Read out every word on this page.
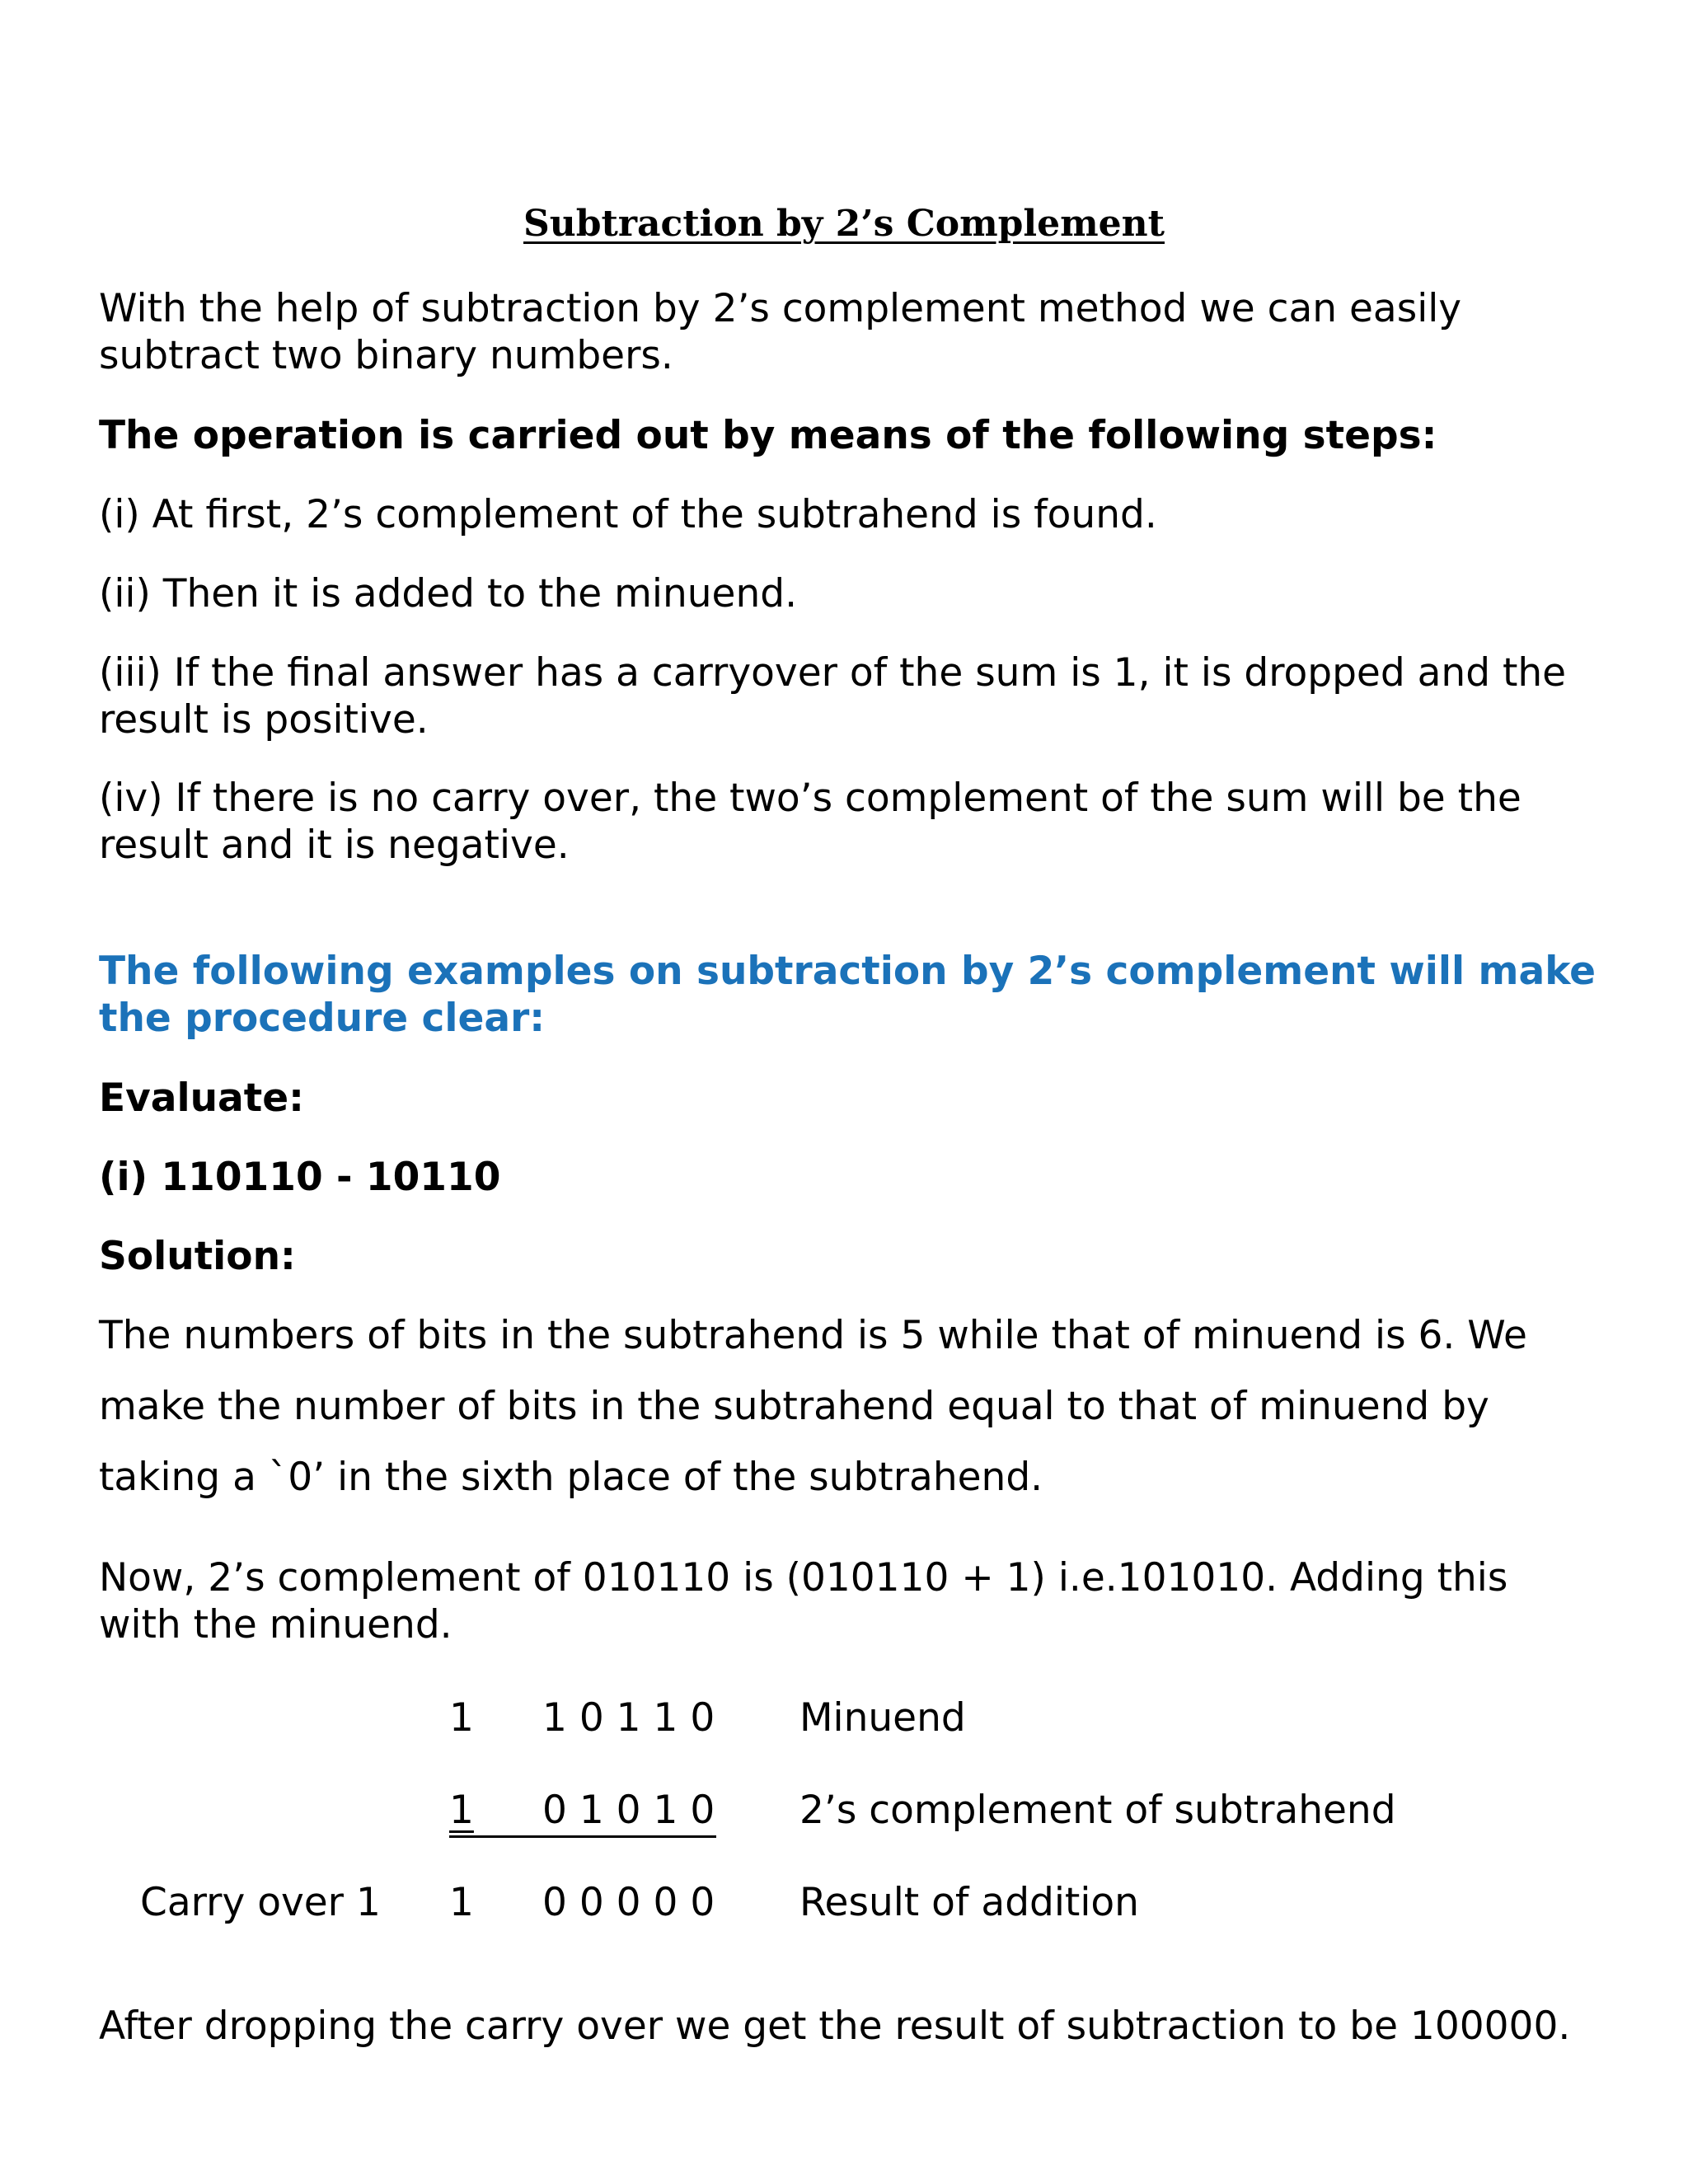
Subtraction by 2’s Complement

With the help of subtraction by 2’s complement method we can easily subtract two binary numbers.

The operation is carried out by means of the following steps:

(i) At first, 2’s complement of the subtrahend is found.

(ii) Then it is added to the minuend.

(iii) If the final answer has a carryover of the sum is 1, it is dropped and the result is positive.

(iv) If there is no carry over, the two’s complement of the sum will be the result and it is negative.

The following examples on subtraction by 2’s complement will make the procedure clear:

Evaluate:

(i) 110110 - 10110

Solution:

The numbers of bits in the subtrahend is 5 while that of minuend is 6. We make the number of bits in the subtrahend equal to that of minuend by taking a `0’ in the sixth place of the subtrahend.

Now, 2’s complement of 010110 is (010110 + 1) i.e.101010. Adding this with the minuend.

1 1 0 1 1 0 Minuend
1 0 1 0 1 0 2’s complement of subtrahend
Carry over 1 1 0 0 0 0 0 Result of addition

After dropping the carry over we get the result of subtraction to be 100000.
